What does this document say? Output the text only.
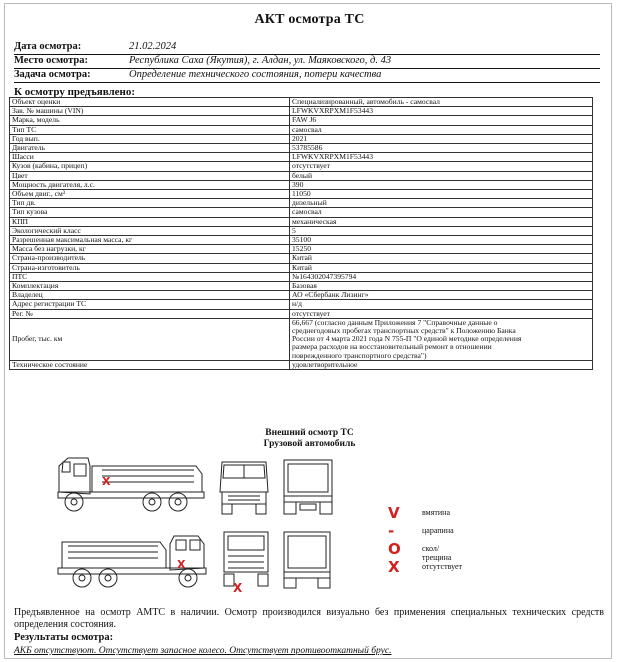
АКТ осмотра ТС
Дата осмотра:	21.02.2024
Место осмотра:	Республика Саха (Якутия), г. Алдан, ул. Маяковского, д. 43
Задача осмотра:	Определение технического состояния, потери качества
К осмотру предъявлено:
Объект оценки	Специализированный, автомобиль - самосвал
Зав. № машины (VIN)	LFWKVXRPXM1F53443
Марка, модель	FAW J6
Тип ТС	самосвал
Год вып.	2021
Двигатель	53785586
Шасси	LFWKVXRPXM1F53443
Кузов (кабина, прицеп)	отсутствует
Цвет	белый
Мощность двигателя, л.с.	390
Объем двиг., см³	11050
Тип дв.	дизельный
Тип кузова	самосвал
КПП	механическая
Экологический класс	5
Разрешенная максимальная масса, кг	35100
Масса без нагрузки, кг	15250
Страна-производитель	Китай
Страна-изготовитель	Китай
ПТС	№164302047395794
Комплектация	Базовая
Владелец	АО «Сбербанк Лизинг»
Адрес регистрации ТС	н/д
Рег. №	отсутствует
Пробег, тыс. км	66,667 (согласно данным Приложения 7 "Справочные данные о
среднегодовых пробегах транспортных средств" к Положению Банка
России от 4 марта 2021 года N 755-П "О единой методике определения
размера расходов на восстановительный ремонт в отношении
поврежденного транспортного средства")

Техническое состояние	удовлетворительное
Внешний осмотр ТС
Грузовой автомобиль
X
X
X
V	вмятина
-	царапина
O	скол/трещина
X	отсутствует
Предъявленное на осмотр АМТС в наличии. Осмотр производился визуально без применения специальных технических средств определения состояния.
Результаты осмотра:
АКБ отсутствуют. Отсутствует запасное колесо. Отсутствует противооткатный брус.
